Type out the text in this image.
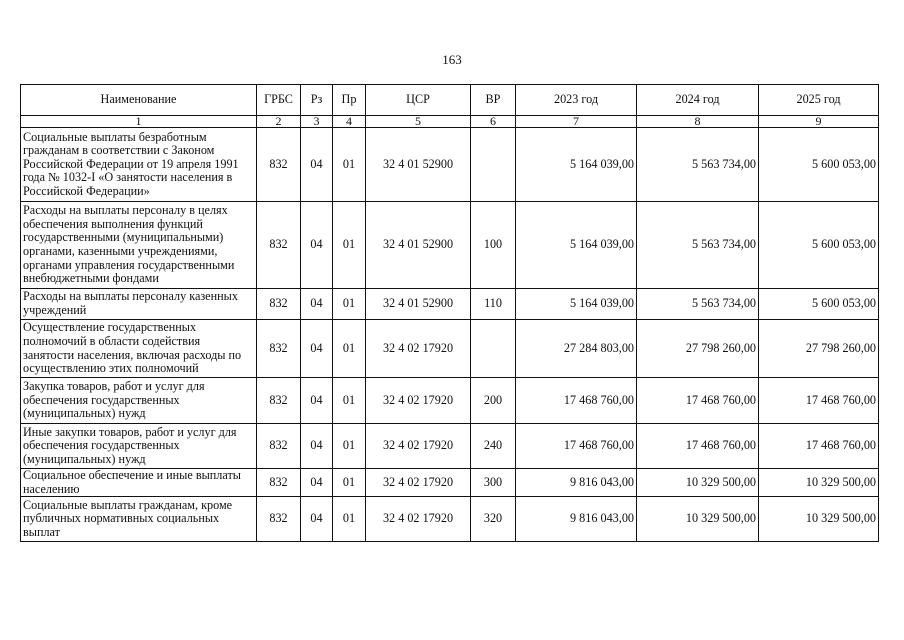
163
Наименование	ГРБС	Рз	Пр	ЦСР	ВР	2023 год	2024 год	2025 год
1	2	3	4	5	6	7	8	9
Социальные выплаты безработным гражданам в соответствии с Законом Российской Федерации от 19 апреля 1991 года № 1032-I «О занятости населения в Российской Федерации»	832	04	01	32 4 01 52900		5 164 039,00	5 563 734,00	5 600 053,00
Расходы на выплаты персоналу в целях обеспечения выполнения функций государственными (муниципальными) органами, казенными учреждениями, органами управления государственными внебюджетными фондами	832	04	01	32 4 01 52900	100	5 164 039,00	5 563 734,00	5 600 053,00
Расходы на выплаты персоналу казенных учреждений	832	04	01	32 4 01 52900	110	5 164 039,00	5 563 734,00	5 600 053,00
Осуществление государственных полномочий в области содействия занятости населения, включая расходы по осуществлению этих полномочий	832	04	01	32 4 02 17920		27 284 803,00	27 798 260,00	27 798 260,00
Закупка товаров, работ и услуг для обеспечения государственных (муниципальных) нужд	832	04	01	32 4 02 17920	200	17 468 760,00	17 468 760,00	17 468 760,00
Иные закупки товаров, работ и услуг для обеспечения государственных (муниципальных) нужд	832	04	01	32 4 02 17920	240	17 468 760,00	17 468 760,00	17 468 760,00
Социальное обеспечение и иные выплаты населению	832	04	01	32 4 02 17920	300	9 816 043,00	10 329 500,00	10 329 500,00
Социальные выплаты гражданам, кроме публичных нормативных социальных выплат	832	04	01	32 4 02 17920	320	9 816 043,00	10 329 500,00	10 329 500,00
